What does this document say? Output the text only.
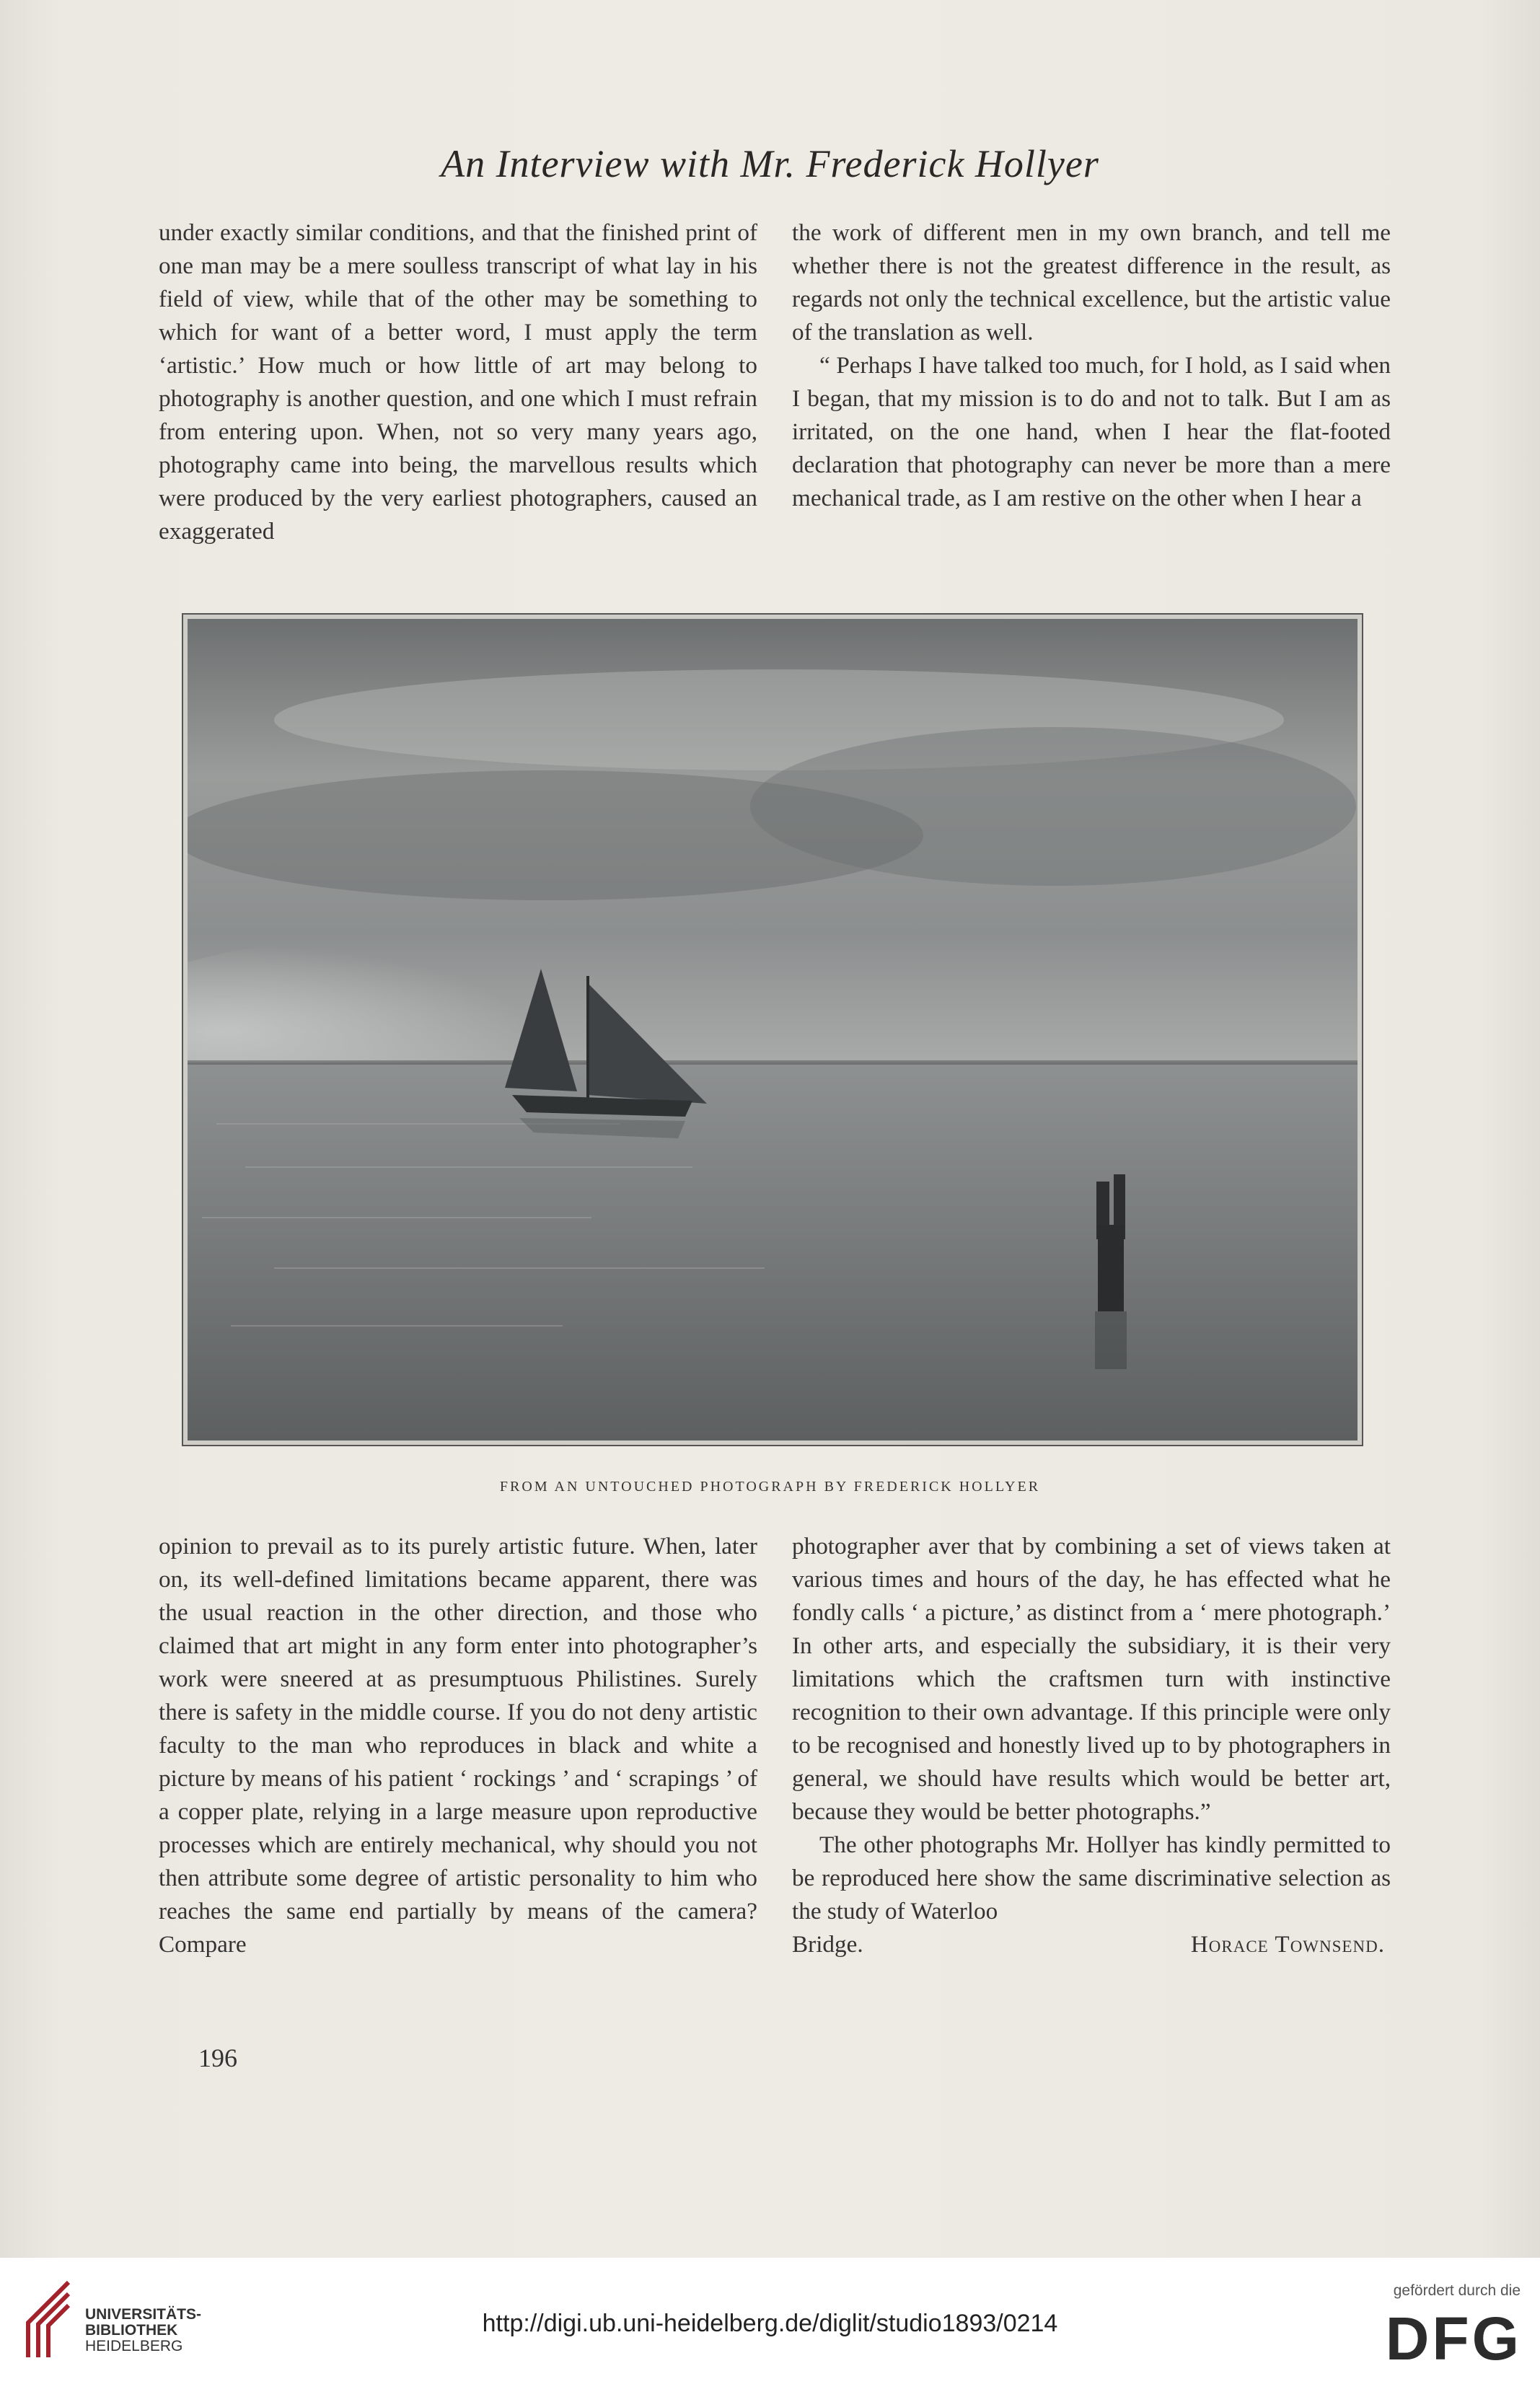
An Interview with Mr. Frederick Hollyer

under exactly similar conditions, and that the finished print of one man may be a mere soulless transcript of what lay in his field of view, while that of the other may be something to which for want of a better word, I must apply the term ‘artistic.’ How much or how little of art may belong to photography is another question, and one which I must refrain from entering upon. When, not so very many years ago, photography came into being, the marvellous results which were produced by the very earliest photographers, caused an exaggerated

the work of different men in my own branch, and tell me whether there is not the greatest difference in the result, as regards not only the technical excellence, but the artistic value of the translation as well.

“ Perhaps I have talked too much, for I hold, as I said when I began, that my mission is to do and not to talk. But I am as irritated, on the one hand, when I hear the flat-footed declaration that photography can never be more than a mere mechanical trade, as I am restive on the other when I hear a

FROM AN UNTOUCHED PHOTOGRAPH BY FREDERICK HOLLYER

opinion to prevail as to its purely artistic future. When, later on, its well-defined limitations became apparent, there was the usual reaction in the other direction, and those who claimed that art might in any form enter into photographer’s work were sneered at as presumptuous Philistines. Surely there is safety in the middle course. If you do not deny artistic faculty to the man who reproduces in black and white a picture by means of his patient ‘ rockings ’ and ‘ scrapings ’ of a copper plate, relying in a large measure upon reproductive processes which are entirely mechanical, why should you not then attribute some degree of artistic personality to him who reaches the same end partially by means of the camera? Compare

photographer aver that by combining a set of views taken at various times and hours of the day, he has effected what he fondly calls ‘ a picture,’ as distinct from a ‘ mere photograph.’ In other arts, and especially the subsidiary, it is their very limitations which the craftsmen turn with instinctive recognition to their own advantage. If this principle were only to be recognised and honestly lived up to by photographers in general, we should have results which would be better art, because they would be better photographs.”

The other photographs Mr. Hollyer has kindly permitted to be reproduced here show the same discriminative selection as the study of Waterloo

Bridge.	Horace Townsend.

196
UNIVERSITÄTS-
BIBLIOTHEK
HEIDELBERG
http://digi.ub.uni-heidelberg.de/diglit/studio1893/0214
gefördert durch die
DFG
